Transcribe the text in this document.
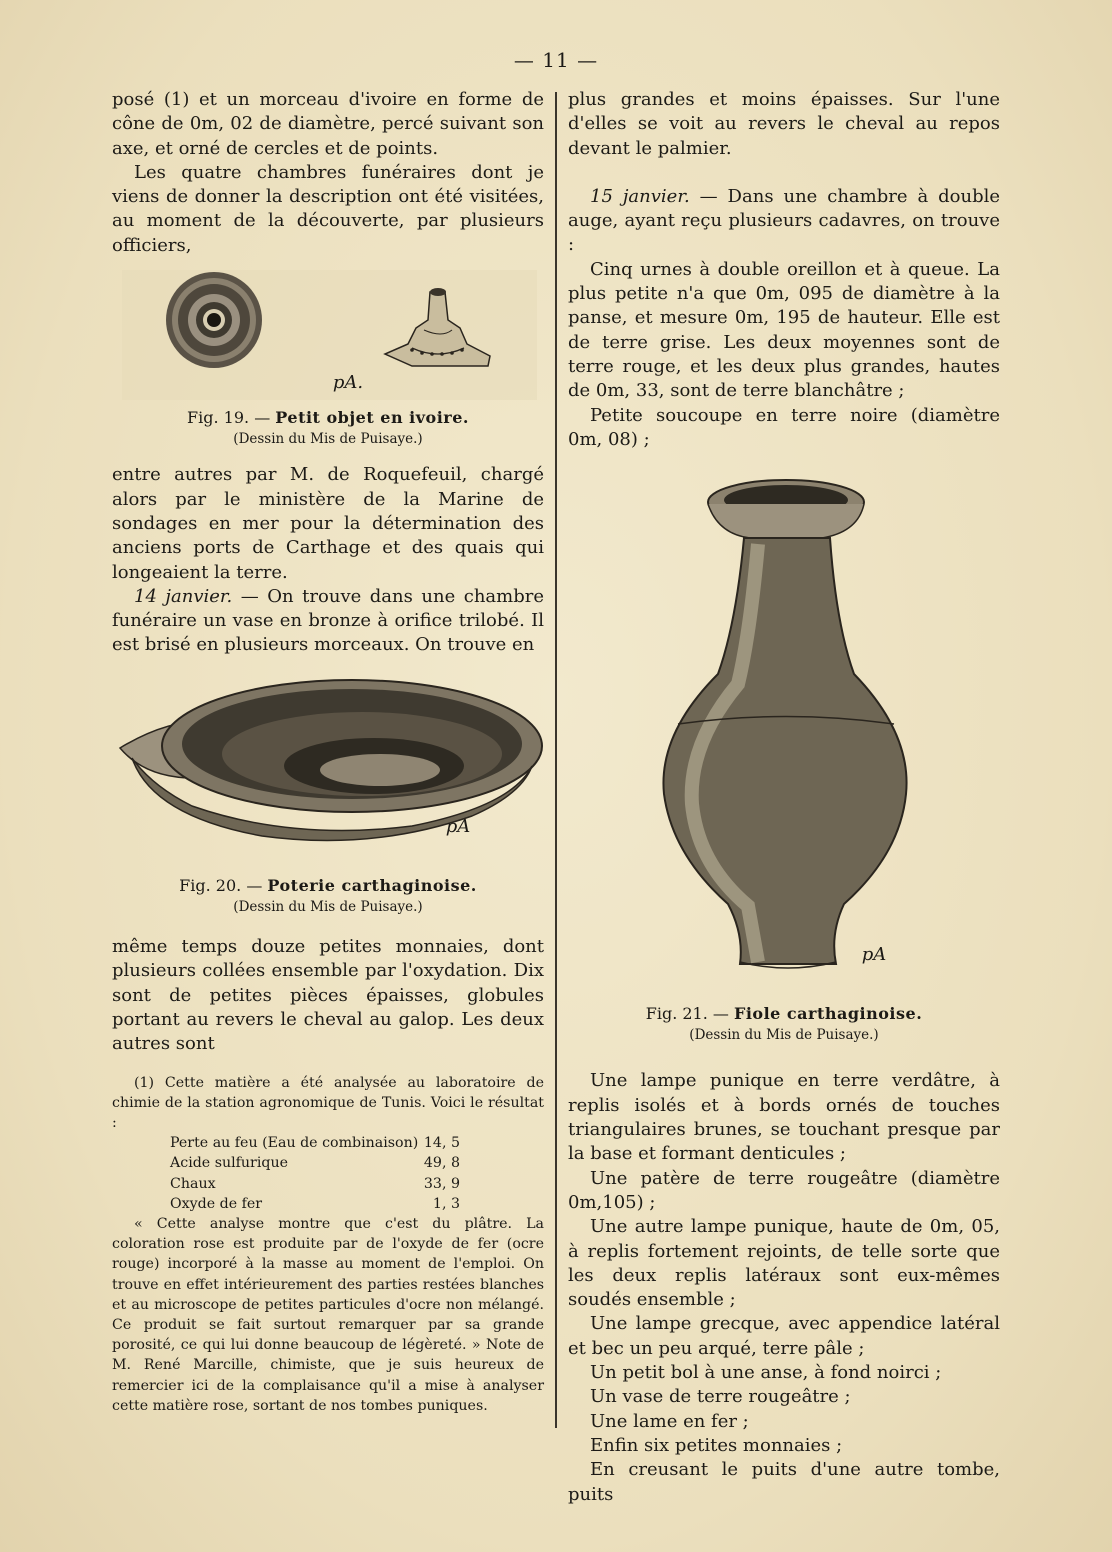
— 11 —

posé (1) et un morceau d'ivoire en forme de cône de 0m, 02 de diamètre, percé suivant son axe, et orné de cercles et de points.

Les quatre chambres funéraires dont je viens de donner la description ont été visitées, au moment de la découverte, par plusieurs officiers,

Fig. 19. — Petit objet en ivoire.
(Dessin du Mis de Puisaye.)

entre autres par M. de Roquefeuil, chargé alors par le ministère de la Marine de sondages en mer pour la détermination des anciens ports de Carthage et des quais qui longeaient la terre.

14 janvier. — On trouve dans une chambre funéraire un vase en bronze à orifice trilobé. Il est brisé en plusieurs morceaux. On trouve en

pA
Fig. 20. — Poterie carthaginoise.
(Dessin du Mis de Puisaye.)

même temps douze petites monnaies, dont plusieurs collées ensemble par l'oxydation. Dix sont de petites pièces épaisses, globules portant au revers le cheval au galop. Les deux autres sont

(1) Cette matière a été analysée au laboratoire de chimie de la station agronomique de Tunis. Voici le résultat :

Perte au feu (Eau de combinaison)	14, 5
Acide sulfurique	49, 8
Chaux	33, 9
Oxyde de fer	1, 3

« Cette analyse montre que c'est du plâtre. La coloration rose est produite par de l'oxyde de fer (ocre rouge) incorporé à la masse au moment de l'emploi. On trouve en effet intérieurement des parties restées blanches et au microscope de petites particules d'ocre non mélangé. Ce produit se fait surtout remarquer par sa grande porosité, ce qui lui donne beaucoup de légèreté. » Note de M. René Marcille, chimiste, que je suis heureux de remercier ici de la complaisance qu'il a mise à analyser cette matière rose, sortant de nos tombes puniques.

plus grandes et moins épaisses. Sur l'une d'elles se voit au revers le cheval au repos devant le palmier.

15 janvier. — Dans une chambre à double auge, ayant reçu plusieurs cadavres, on trouve :

Cinq urnes à double oreillon et à queue. La plus petite n'a que 0m, 095 de diamètre à la panse, et mesure 0m, 195 de hauteur. Elle est de terre grise. Les deux moyennes sont de terre rouge, et les deux plus grandes, hautes de 0m, 33, sont de terre blanchâtre ;

Petite soucoupe en terre noire (diamètre 0m, 08) ;

pA
Fig. 21. — Fiole carthaginoise.
(Dessin du Mis de Puisaye.)

Une lampe punique en terre verdâtre, à replis isolés et à bords ornés de touches triangulaires brunes, se touchant presque par la base et formant denticules ;

Une patère de terre rougeâtre (diamètre 0m,105) ;

Une autre lampe punique, haute de 0m, 05, à replis fortement rejoints, de telle sorte que les deux replis latéraux sont eux-mêmes soudés ensemble ;

Une lampe grecque, avec appendice latéral et bec un peu arqué, terre pâle ;

Un petit bol à une anse, à fond noirci ;

Un vase de terre rougeâtre ;

Une lame en fer ;

Enfin six petites monnaies ;

En creusant le puits d'une autre tombe, puits
